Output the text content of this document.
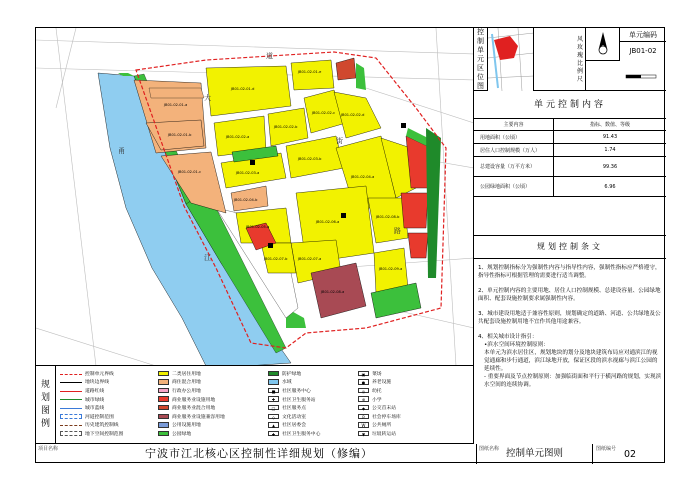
JB01-02-01-a
JB01-02-01-b
JB01-02-01-c
JB01-02-01-d
JB01-02-01-e
JB01-02-02-a
JB01-02-02-b
JB01-02-02-c JB01-02-02-d
JB01-02-03-a
JB01-02-03-b
JB01-02-04-a
JB01-02-04-b
JB01-02-05-a
JB01-02-06-a
JB01-02-07-a
JB01-02-07-b
JB01-02-08-a
JB01-02-08-b
JB01-02-09-a
甬
江
大
道
街
路
控
制
单
元
区
位
图
风
玫
瑰
比
例
尺
单元编码
JB01-02
单元控制内容
主要内容	指标、数值、等级
用地面积（公顷）	91.43
居住人口控制规模（万人）	1.74
总建设容量（万平方米）	99.36
公园绿地面积（公顷）	6.96
规划控制条文

1、规划控制指标分为强制性内容与指导性内容，强制性指标应严格遵守，指导性指标可根据管理的需要进行适当调整。

2、单元控制内容的主要用地、居住人口控制规模、总建设容量、公园绿地面积、配套设施控制要求属强制性内容。

3、城市建设用地适于兼容性原则，规划确定的道路、河道、公共绿地及公共配套设施控制用地不宜作其他用途兼容。

4、相关城市设计指引：

•滨水空间环境控制原则：

本单元为滨水居住区，规划地块的划分及地块建筑布局应对通滨江的视觉通廊和步行通道，滨江绿地开放，保证区段的滨水视廊与滨江公园的延续性。

- 重要界面及节点控制原则：加强临街面和平行于横河路的规划，实现滨水空间的连续协调。

规
划
图
例
控制单元界线
地块边界线
道路红线
城市绿线
城市蓝线
河道控制范围
历史建筑控制线
地下空间控制范围
二类居住用地
商住混合用地
行政办公用地
商业服务业设施用地
商业服务业混合用地
商业服务业设施兼容用地
公用设施用地
公园绿地
防护绿地
水域
■	社区服务中心
✚	社区卫生服务站
□	社区服务点
◇	文化活动室
▲	社区居委会
✚	社区卫生服务中心
▣	菜场
●	养老设施
◎	幼托
⊕	小学
◆	公交首末站
P	社会停车场库
W	公共厕所
▼	垃圾转运站
项目名称	宁波市江北核心区控制性详细规划（修编）	图纸名称 控制单元图则	图纸编号 02
